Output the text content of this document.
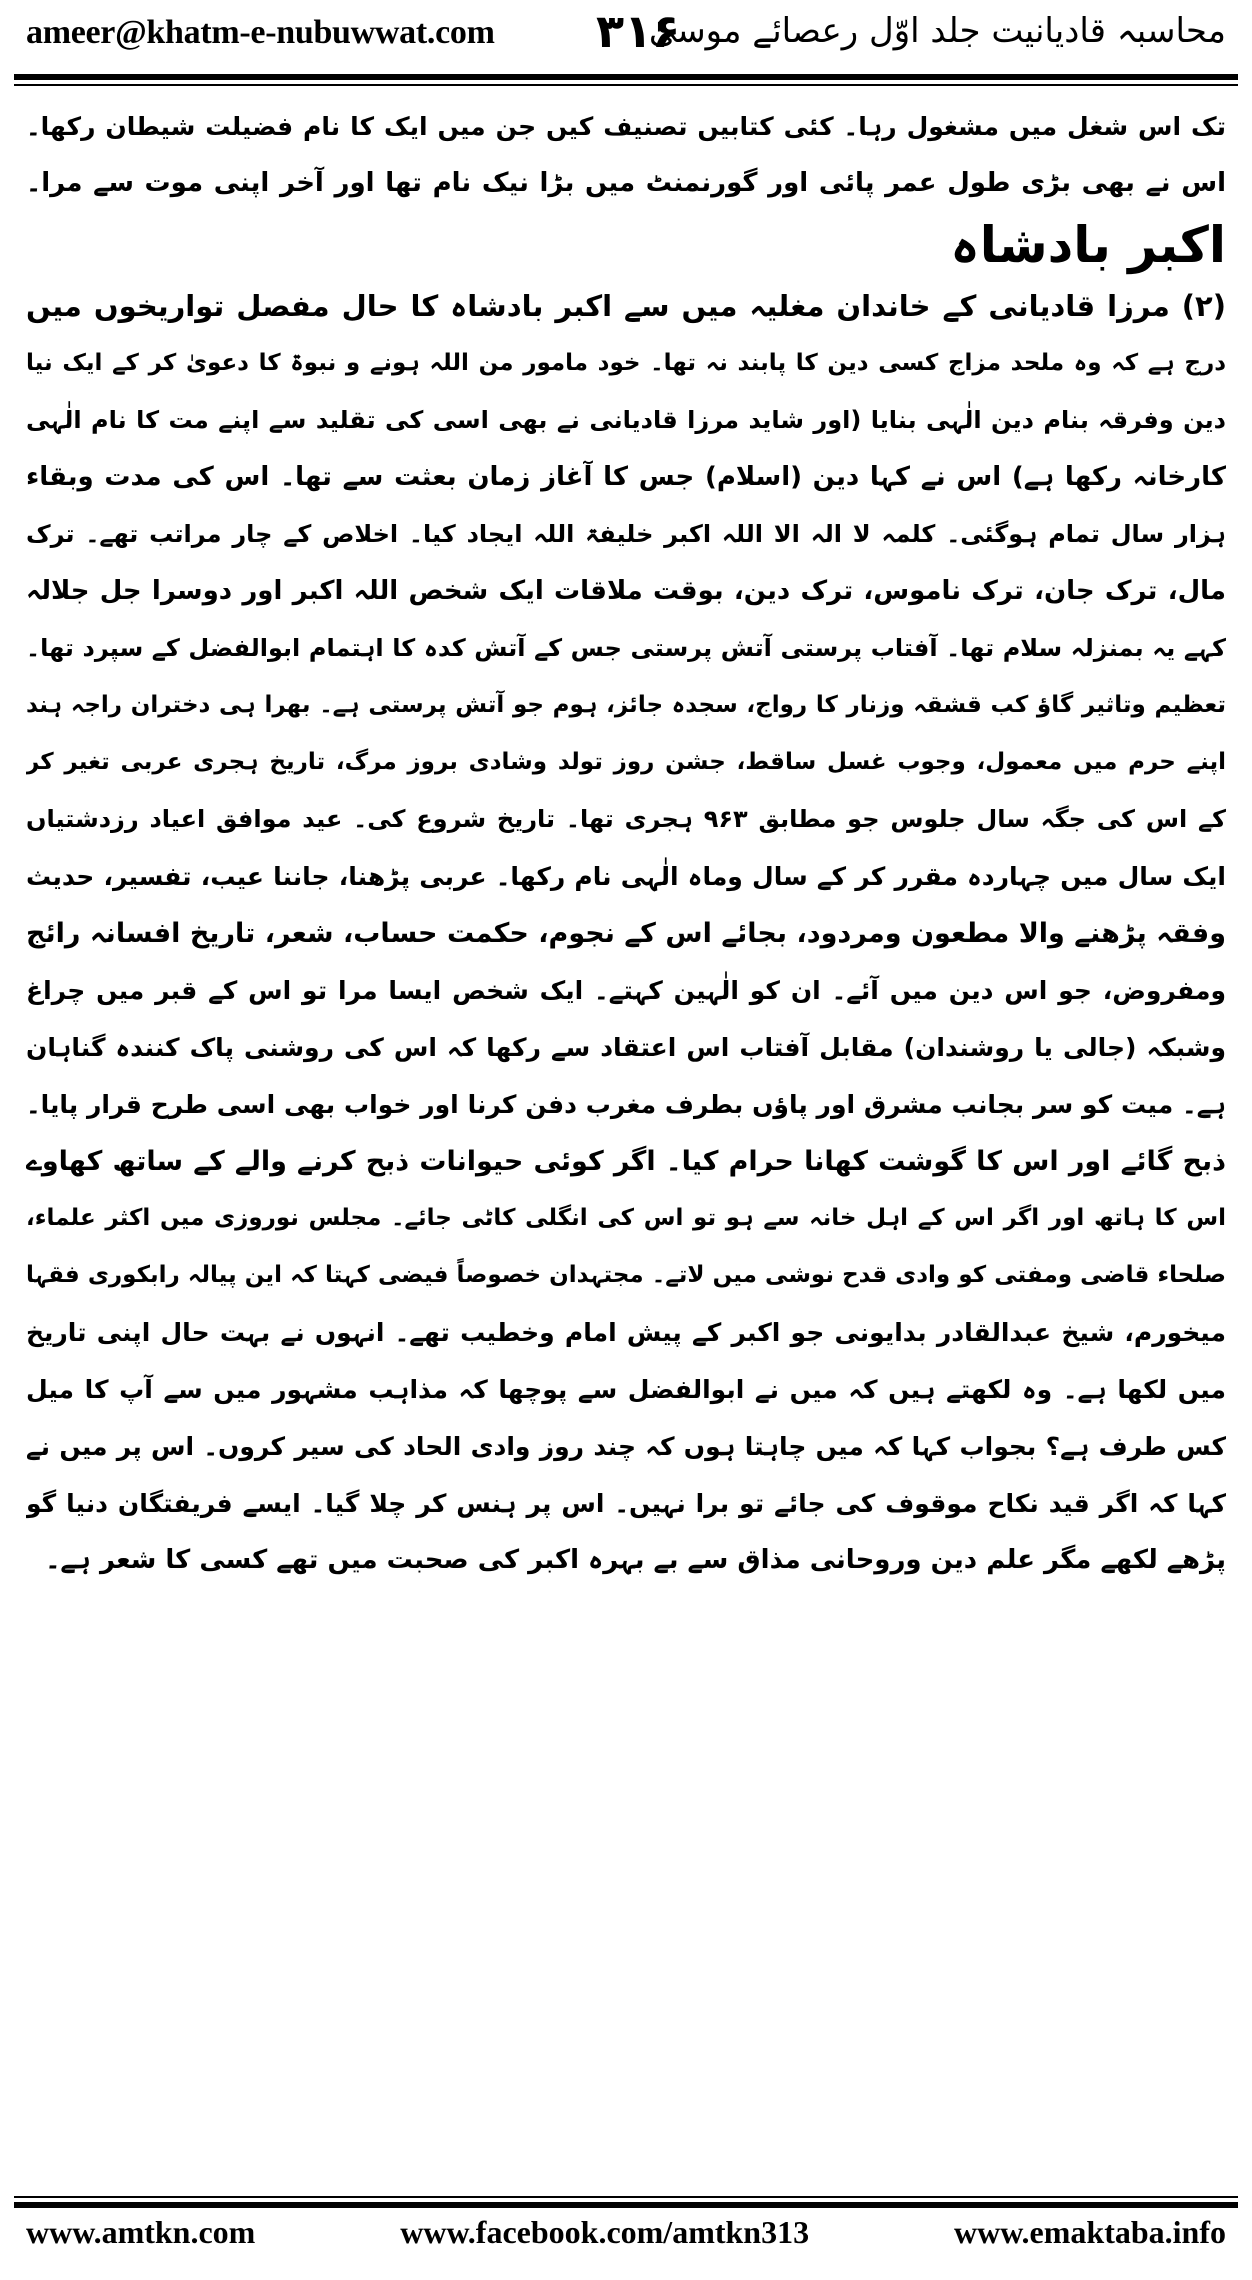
ameer@khatm-e-nubuwwat.com ۳۱۶
محاسبہ قادیانیت جلد اوّل رعصائے موسیٰ
تک اس شغل میں مشغول رہا۔ کئی کتابیں تصنیف کیں جن میں ایک کا نام فضیلت شیطان رکھا۔
اس نے بھی بڑی طول عمر پائی اور گورنمنٹ میں بڑا نیک نام تھا اور آخر اپنی موت سے مرا۔
اکبر بادشاہ
(۲) مرزا قادیانی کے خاندان مغلیہ میں سے اکبر بادشاہ کا حال مفصل تواریخوں میں
درج ہے کہ وہ ملحد مزاج کسی دین کا پابند نہ تھا۔ خود مامور من اللہ ہونے و نبوۃ کا دعویٰ کر کے ایک نیا
دین وفرقہ بنام دین الٰہی بنایا (اور شاید مرزا قادیانی نے بھی اسی کی تقلید سے اپنے مت کا نام الٰہی
کارخانہ رکھا ہے) اس نے کہا دین (اسلام) جس کا آغاز زمان بعثت سے تھا۔ اس کی مدت وبقاء
ہزار سال تمام ہوگئی۔ کلمہ لا الہ الا اللہ اکبر خلیفۃ اللہ ایجاد کیا۔ اخلاص کے چار مراتب تھے۔ ترک
مال، ترک جان، ترک ناموس، ترک دین، بوقت ملاقات ایک شخص اللہ اکبر اور دوسرا جل جلالہ
کہے یہ بمنزلہ سلام تھا۔ آفتاب پرستی آتش پرستی جس کے آتش کدہ کا اہتمام ابوالفضل کے سپرد تھا۔
تعظیم وتاثیر گاؤ کب قشقہ وزنار کا رواج، سجدہ جائز، ہوم جو آتش پرستی ہے۔ بھرا ہی دختران راجہ ہند
اپنے حرم میں معمول، وجوب غسل ساقط، جشن روز تولد وشادی بروز مرگ، تاریخ ہجری عربی تغیر کر
کے اس کی جگہ سال جلوس جو مطابق ۹۶۳ ہجری تھا۔ تاریخ شروع کی۔ عید موافق اعیاد رزدشتیاں
ایک سال میں چہاردہ مقرر کر کے سال وماہ الٰہی نام رکھا۔ عربی پڑھنا، جاننا عیب، تفسیر، حدیث
وفقہ پڑھنے والا مطعون ومردود، بجائے اس کے نجوم، حکمت حساب، شعر، تاریخ افسانہ رائج
ومفروض، جو اس دین میں آئے۔ ان کو الٰہین کہتے۔ ایک شخص ایسا مرا تو اس کے قبر میں چراغ
وشبکہ (جالی یا روشندان) مقابل آفتاب اس اعتقاد سے رکھا کہ اس کی روشنی پاک کنندہ گناہان
ہے۔ میت کو سر بجانب مشرق اور پاؤں بطرف مغرب دفن کرنا اور خواب بھی اسی طرح قرار پایا۔
ذبح گائے اور اس کا گوشت کھانا حرام کیا۔ اگر کوئی حیوانات ذبح کرنے والے کے ساتھ کھاوے
اس کا ہاتھ اور اگر اس کے اہل خانہ سے ہو تو اس کی انگلی کاٹی جائے۔ مجلس نوروزی میں اکثر علماء،
صلحاء قاضی ومفتی کو وادی قدح نوشی میں لاتے۔ مجتہدان خصوصاً فیضی کہتا کہ این پیالہ رابکوری فقہا
میخورم، شیخ عبدالقادر بدایونی جو اکبر کے پیش امام وخطیب تھے۔ انہوں نے بہت حال اپنی تاریخ
میں لکھا ہے۔ وہ لکھتے ہیں کہ میں نے ابوالفضل سے پوچھا کہ مذاہب مشہور میں سے آپ کا میل
کس طرف ہے؟ بجواب کہا کہ میں چاہتا ہوں کہ چند روز وادی الحاد کی سیر کروں۔ اس پر میں نے
کہا کہ اگر قید نکاح موقوف کی جائے تو برا نہیں۔ اس پر ہنس کر چلا گیا۔ ایسے فریفتگان دنیا گو
پڑھے لکھے مگر علم دین وروحانی مذاق سے بے بہرہ اکبر کی صحبت میں تھے کسی کا شعر ہے۔
www.amtkn.com	www.facebook.com/amtkn313	www.emaktaba.info
